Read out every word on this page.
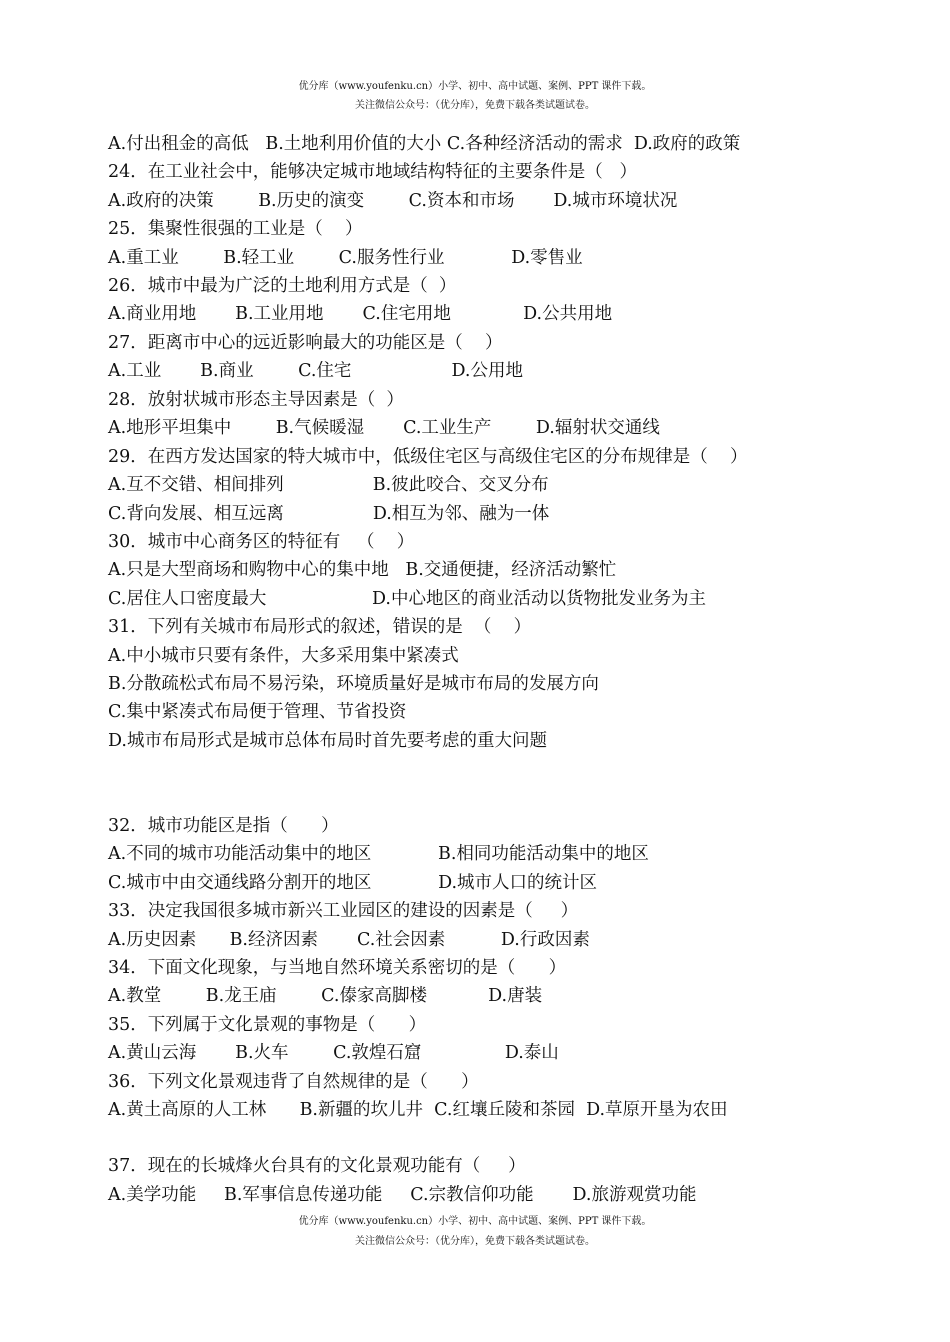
优分库（www.youfenku.cn）小学、初中、高中试题、案例、PPT 课件下载。
关注微信公众号：（优分库），免费下载各类试题试卷。
A.付出租金的高低   B.土地利用价值的大小 C.各种经济活动的需求  D.政府的政策
24．在工业社会中，能够决定城市地域结构特征的主要条件是（   ）
A.政府的决策        B.历史的演变        C.资本和市场       D.城市环境状况
25．集聚性很强的工业是（    ）
A.重工业        B.轻工业        C.服务性行业            D.零售业
26．城市中最为广泛的土地利用方式是（  ）
A.商业用地       B.工业用地       C.住宅用地             D.公共用地
27．距离市中心的远近影响最大的功能区是（    ）
A.工业       B.商业        C.住宅                  D.公用地
28．放射状城市形态主导因素是（  ）
A.地形平坦集中        B.气候暖湿       C.工业生产        D.辐射状交通线
29．在西方发达国家的特大城市中，低级住宅区与高级住宅区的分布规律是（    ）
A.互不交错、相间排列                B.彼此咬合、交叉分布
C.背向发展、相互远离                D.相互为邻、融为一体
30．城市中心商务区的特征有   （    ）
A.只是大型商场和购物中心的集中地   B.交通便捷，经济活动繁忙
C.居住人口密度最大                   D.中心地区的商业活动以货物批发业务为主
31．下列有关城市布局形式的叙述，错误的是  （    ）
A.中小城市只要有条件，大多采用集中紧凑式
B.分散疏松式布局不易污染，环境质量好是城市布局的发展方向
C.集中紧凑式布局便于管理、节省投资
D.城市布局形式是城市总体布局时首先要考虑的重大问题
32．城市功能区是指（      ）
A.不同的城市功能活动集中的地区            B.相同功能活动集中的地区
C.城市中由交通线路分割开的地区            D.城市人口的统计区
33．决定我国很多城市新兴工业园区的建设的因素是（     ）
A.历史因素      B.经济因素       C.社会因素          D.行政因素
34．下面文化现象，与当地自然环境关系密切的是（      ）
A.教堂        B.龙王庙        C.傣家高脚楼           D.唐装
35．下列属于文化景观的事物是（      ）
A.黄山云海       B.火车        C.敦煌石窟               D.泰山
36．下列文化景观违背了自然规律的是（      ）
A.黄土高原的人工林      B.新疆的坎儿井  C.红壤丘陵和茶园  D.草原开垦为农田
37．现在的长城烽火台具有的文化景观功能有（     ）
A.美学功能     B.军事信息传递功能     C.宗教信仰功能       D.旅游观赏功能
优分库（www.youfenku.cn）小学、初中、高中试题、案例、PPT 课件下载。
关注微信公众号：（优分库），免费下载各类试题试卷。
